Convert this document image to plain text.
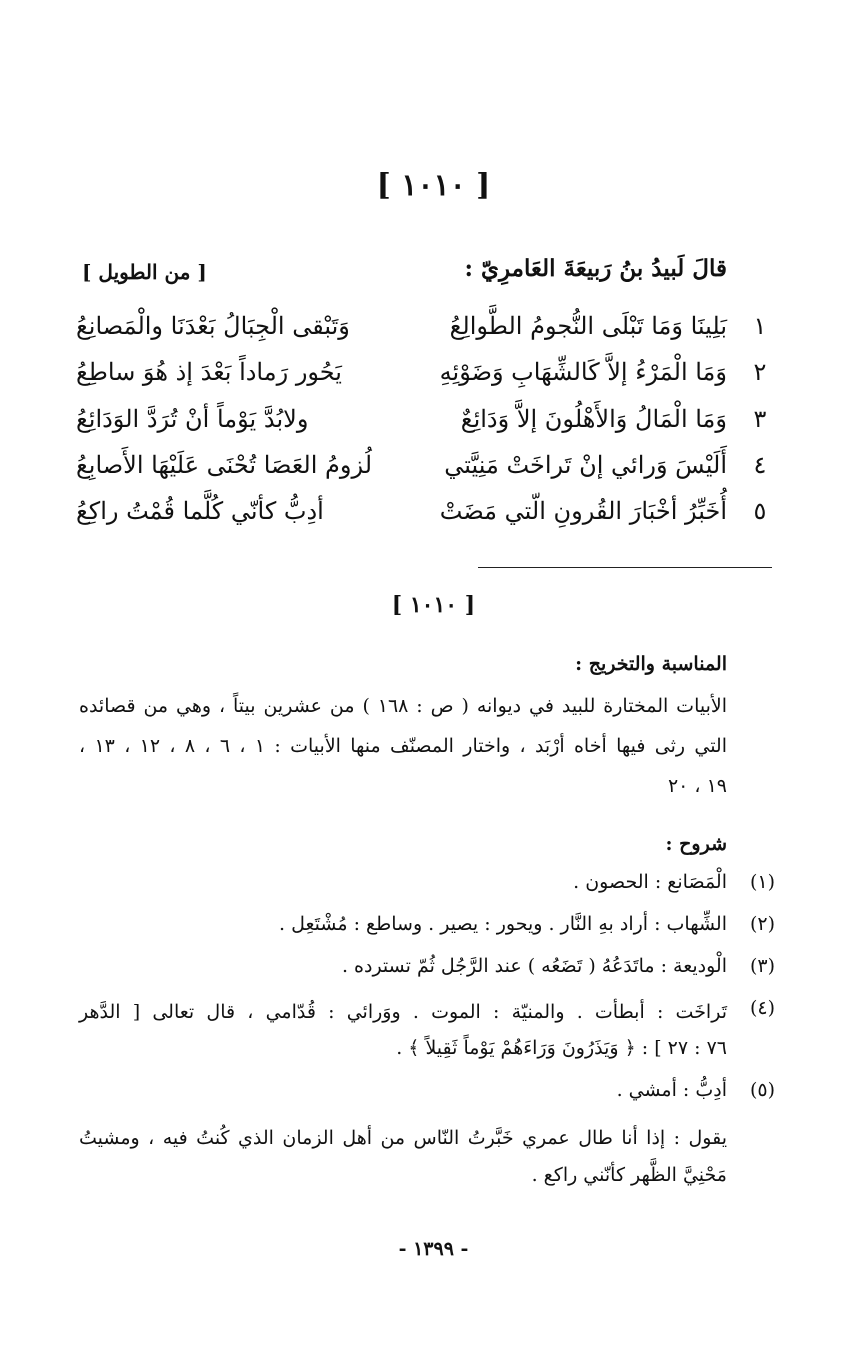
[ ١٠١٠ ]
قالَ لَبيدُ بنُ رَبيعَةَ العَامرِيّ :
[ من الطويل ]
١
بَلِينَا وَمَا تَبْلَى النُّجومُ الطَّوالِعُ
وَتَبْقى الْجِبَالُ بَعْدَنَا والْمَصانِعُ
٢
وَمَا الْمَرْءُ إلاَّ كَالشِّهَابِ وَضَوْئِهِ
يَحُور رَماداً بَعْدَ إذ هُوَ ساطِعُ
٣
وَمَا الْمَالُ وَالأَهْلُونَ إلاَّ وَدَائِعٌ
ولابُدَّ يَوْماً أنْ تُرَدَّ الوَدَائِعُ
٤
أَلَيْسَ وَرائي إنْ تَراخَتْ مَنِيَّتي
لُزومُ العَصَا تُحْنَى عَلَيْهَا الأَصابِعُ
٥
أُخَبِّرُ أخْبَارَ القُرونِ الّتي مَضَتْ
أدِبُّ كأنّي كُلَّما قُمْتُ راكِعُ
[ ١٠١٠ ]
المناسبة والتخريج :
الأبيات المختارة للبيد في ديوانه ( ص : ١٦٨ ) من عشرين بيتاً ، وهي من قصائده
التي رثى فيها أخاه أرْبَد ، واختار المصنّف منها الأبيات : ١ ، ٦ ، ٨ ، ١٢ ، ١٣ ،
١٩ ، ٢٠
شروح :
(١)
الْمَصَانع : الحصون .
(٢)
الشِّهاب : أراد بهِ النَّار . ويحور : يصير . وساطع : مُشْتَعِل .
(٣)
الْوديعة : ماتَدَعُهُ ( تَضَعُه ) عند الرَّجُل ثُمّ تسترده .
(٤)
تَراخَت : أبطأت . والمنيّة : الموت . ووَرائي : قُدّامي ، قال تعالى [ الدَّهر
٧٦ : ٢٧ ] : ﴿ وَيَذَرُونَ وَرَاءَهُمْ يَوْماً ثَقِيلاً ﴾ .
(٥)
أدِبُّ : أمشي .
يقول : إذا أنا طال عمري خَبَّرتُ النّاس من أهل الزمان الذي كُنتُ فيه ، ومشيتُ
مَحْنِيَّ الظَّهر كأنّني راكع .
- ١٣٩٩ -
